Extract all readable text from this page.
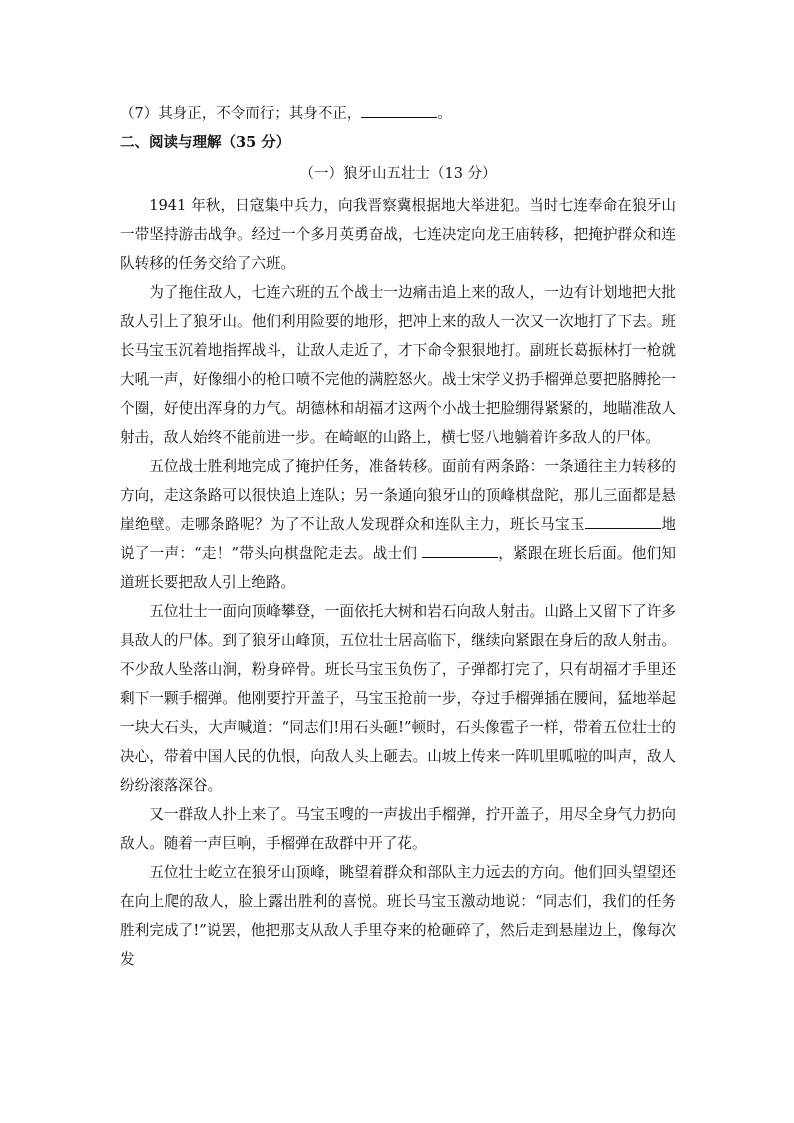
（7）其身正，不令而行；其身不正，	。
二、阅读与理解（35 分）
（一）狼牙山五壮士（13 分）

1941 年秋，日寇集中兵力，向我晋察冀根据地大举进犯。当时七连奉命在狼牙山一带坚持游击战争。经过一个多月英勇奋战，七连决定向龙王庙转移，把掩护群众和连队转移的任务交给了六班。

为了拖住敌人，七连六班的五个战士一边痛击追上来的敌人，一边有计划地把大批敌人引上了狼牙山。他们利用险要的地形，把冲上来的敌人一次又一次地打了下去。班长马宝玉沉着地指挥战斗，让敌人走近了，才下命令狠狠地打。副班长葛振林打一枪就大吼一声，好像细小的枪口喷不完他的满腔怒火。战士宋学义扔手榴弹总要把胳膊抡一个圈，好使出浑身的力气。胡德林和胡福才这两个小战士把脸绷得紧紧的，地瞄准敌人射击，敌人始终不能前进一步。在崎岖的山路上，横七竖八地躺着许多敌人的尸体。

五位战士胜利地完成了掩护任务，准备转移。面前有两条路：一条通往主力转移的方向，走这条路可以很快追上连队；另一条通向狼牙山的顶峰棋盘陀，那儿三面都是悬崖绝壁。走哪条路呢？为了不让敌人发现群众和连队主力，班长马宝玉	地说了一声：“走！”带头向棋盘陀走去。战士们	，紧跟在班长后面。他们知道班长要把敌人引上绝路。

五位壮士一面向顶峰攀登，一面依托大树和岩石向敌人射击。山路上又留下了许多具敌人的尸体。到了狼牙山峰顶，五位壮士居高临下，继续向紧跟在身后的敌人射击。不少敌人坠落山涧，粉身碎骨。班长马宝玉负伤了，子弹都打完了，只有胡福才手里还剩下一颗手榴弹。他刚要拧开盖子，马宝玉抢前一步，夺过手榴弹插在腰间，猛地举起一块大石头，大声喊道：“同志们!用石头砸!”顿时，石头像雹子一样，带着五位壮士的决心，带着中国人民的仇恨，向敌人头上砸去。山坡上传来一阵叽里呱啦的叫声，敌人纷纷滚落深谷。

又一群敌人扑上来了。马宝玉嗖的一声拔出手榴弹，拧开盖子，用尽全身气力扔向敌人。随着一声巨响，手榴弹在敌群中开了花。

五位壮士屹立在狼牙山顶峰，眺望着群众和部队主力远去的方向。他们回头望望还在向上爬的敌人，脸上露出胜利的喜悦。班长马宝玉激动地说：“同志们，我们的任务胜利完成了!”说罢，他把那支从敌人手里夺来的枪砸碎了，然后走到悬崖边上，像每次发
